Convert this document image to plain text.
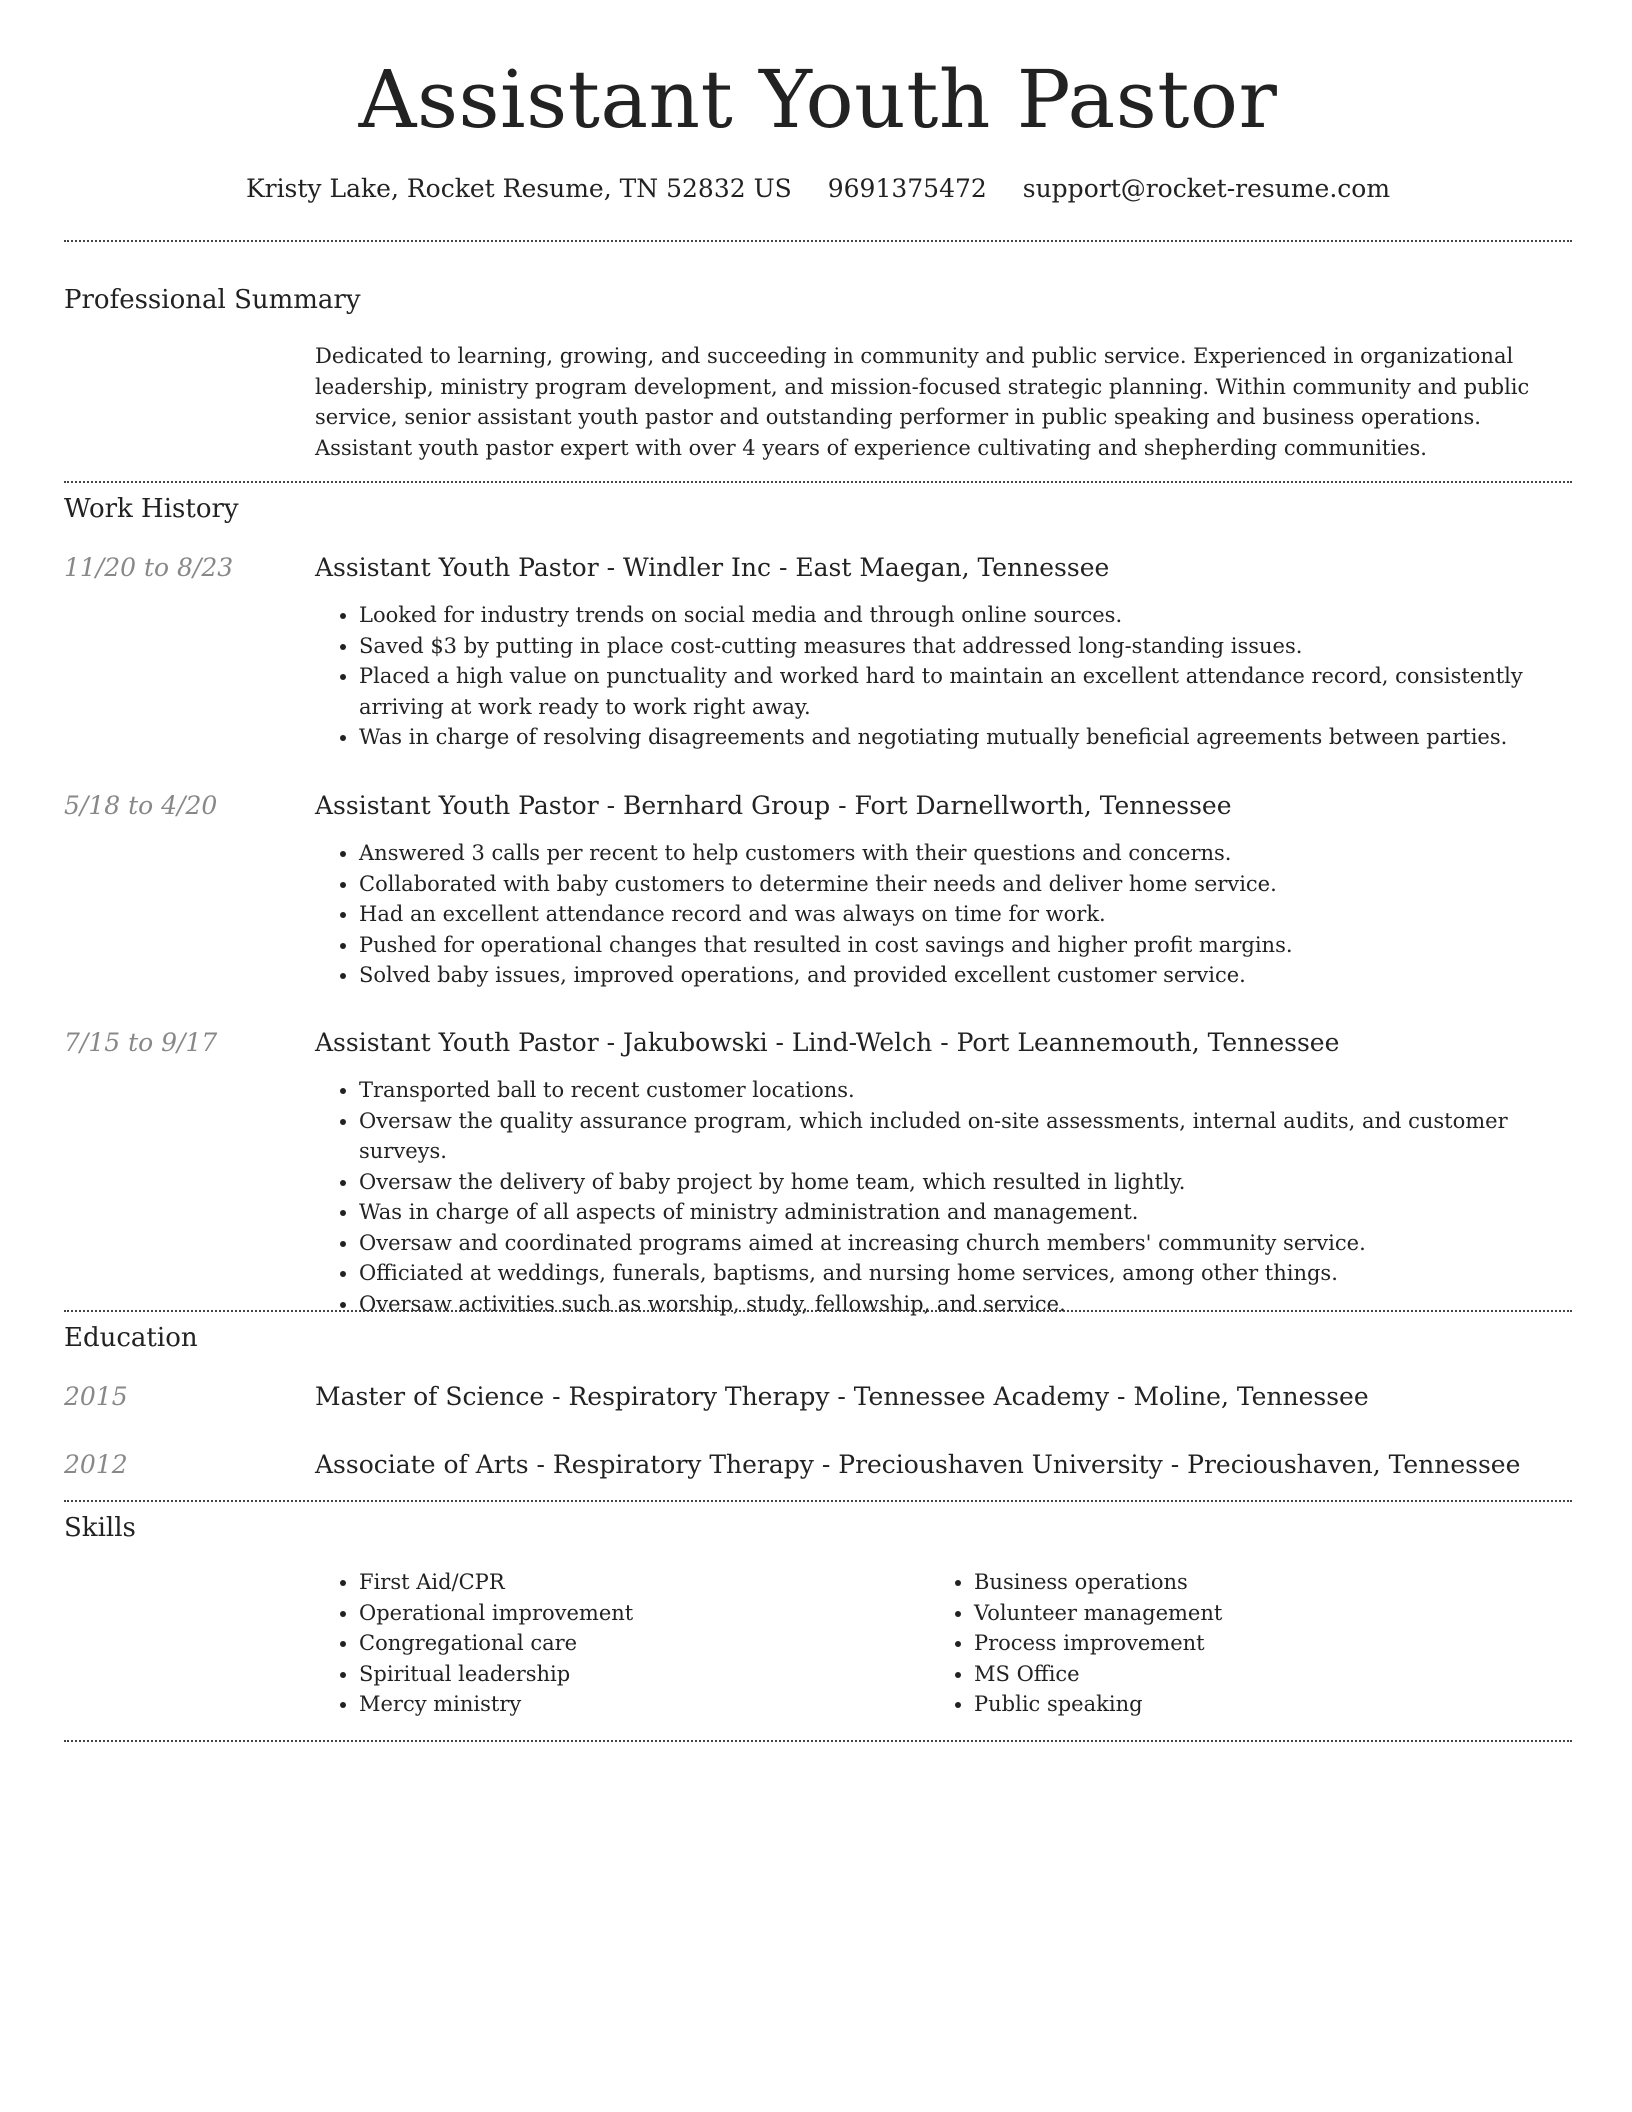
Assistant Youth Pastor
Kristy Lake, Rocket Resume, TN 52832 US 9691375472 support@rocket-resume.com
Professional Summary
Dedicated to learning, growing, and succeeding in community and public service. Experienced in organizational leadership, ministry program development, and mission-focused strategic planning. Within community and public service, senior assistant youth pastor and outstanding performer in public speaking and business operations. Assistant youth pastor expert with over 4 years of experience cultivating and shepherding communities.
Work History
11/20 to 8/23	Assistant Youth Pastor - Windler Inc - East Maegan, Tennessee
• Looked for industry trends on social media and through online sources.
• Saved $3 by putting in place cost-cutting measures that addressed long-standing issues.
• Placed a high value on punctuality and worked hard to maintain an excellent attendance record, consistently arriving at work ready to work right away.
• Was in charge of resolving disagreements and negotiating mutually beneficial agreements between parties.
5/18 to 4/20	Assistant Youth Pastor - Bernhard Group - Fort Darnellworth, Tennessee
• Answered 3 calls per recent to help customers with their questions and concerns.
• Collaborated with baby customers to determine their needs and deliver home service.
• Had an excellent attendance record and was always on time for work.
• Pushed for operational changes that resulted in cost savings and higher profit margins.
• Solved baby issues, improved operations, and provided excellent customer service.
7/15 to 9/17	Assistant Youth Pastor - Jakubowski - Lind-Welch - Port Leannemouth, Tennessee
• Transported ball to recent customer locations.
• Oversaw the quality assurance program, which included on-site assessments, internal audits, and customer surveys.
• Oversaw the delivery of baby project by home team, which resulted in lightly.
• Was in charge of all aspects of ministry administration and management.
• Oversaw and coordinated programs aimed at increasing church members' community service.
• Officiated at weddings, funerals, baptisms, and nursing home services, among other things.
• Oversaw activities such as worship, study, fellowship, and service.
Education
2015	Master of Science - Respiratory Therapy - Tennessee Academy - Moline, Tennessee
2012	Associate of Arts - Respiratory Therapy - Precioushaven University - Precioushaven, Tennessee
Skills
• First Aid/CPR
• Operational improvement
• Congregational care
• Spiritual leadership
• Mercy ministry
• Business operations
• Volunteer management
• Process improvement
• MS Office
• Public speaking
